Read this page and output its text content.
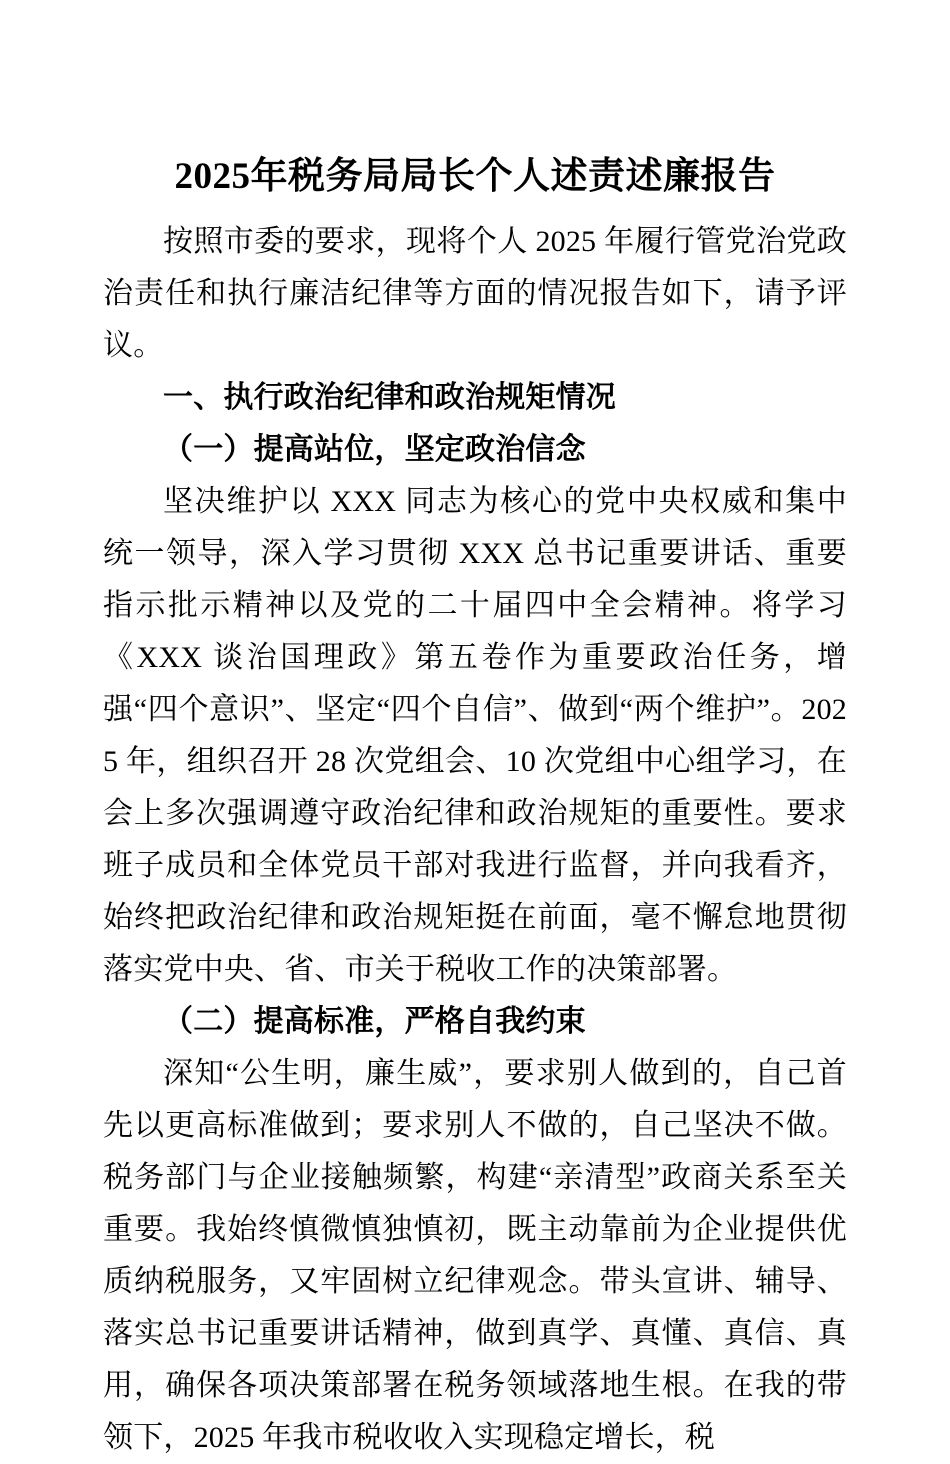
2025年税务局局长个人述责述廉报告

按照市委的要求，现将个人 2025 年履行管党治党政治责任和执行廉洁纪律等方面的情况报告如下，请予评议。

一、执行政治纪律和政治规矩情况

（一）提高站位，坚定政治信念

坚决维护以 XXX 同志为核心的党中央权威和集中统一领导，深入学习贯彻 XXX 总书记重要讲话、重要指示批示精神以及党的二十届四中全会精神。将学习《XXX 谈治国理政》第五卷作为重要政治任务，增强“四个意识”、坚定“四个自信”、做到“两个维护”。2025 年，组织召开 28 次党组会、10 次党组中心组学习，在会上多次强调遵守政治纪律和政治规矩的重要性。要求班子成员和全体党员干部对我进行监督，并向我看齐，始终把政治纪律和政治规矩挺在前面，毫不懈怠地贯彻落实党中央、省、市关于税收工作的决策部署。

（二）提高标准，严格自我约束

深知“公生明，廉生威”，要求别人做到的，自己首先以更高标准做到；要求别人不做的，自己坚决不做。税务部门与企业接触频繁，构建“亲清型”政商关系至关重要。我始终慎微慎独慎初，既主动靠前为企业提供优质纳税服务，又牢固树立纪律观念。带头宣讲、辅导、落实总书记重要讲话精神，做到真学、真懂、真信、真用，确保各项决策部署在税务领域落地生根。在我的带领下，2025 年我市税收收入实现稳定增长，税
